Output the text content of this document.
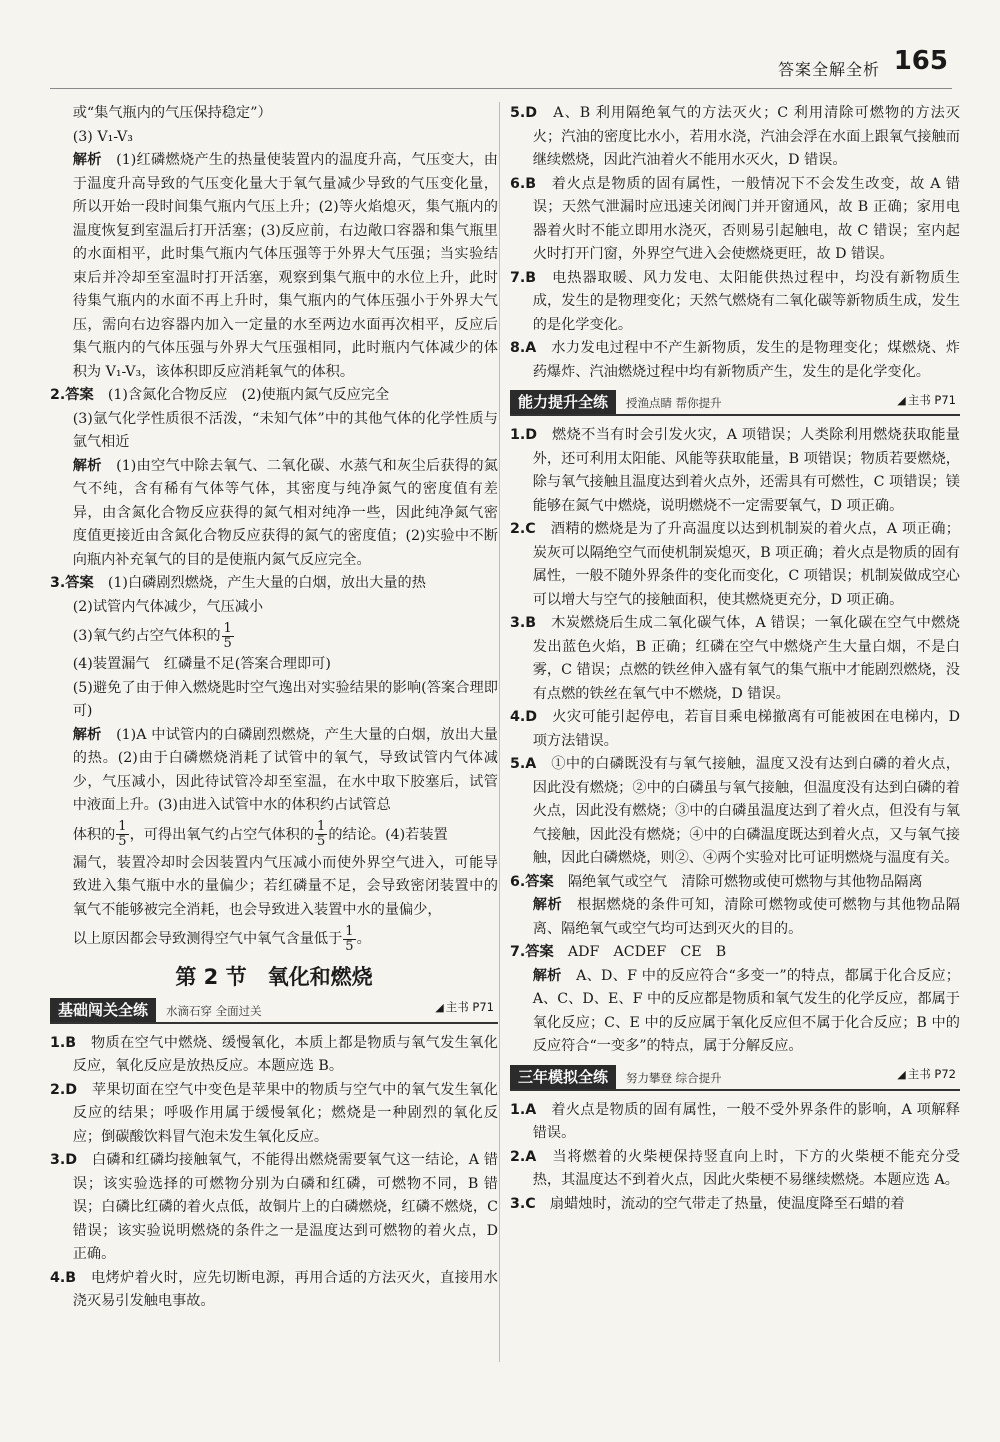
答案全解全析 165

或“集气瓶内的气压保持稳定”）

(3) V₁-V₃

解析　 (1)红磷燃烧产生的热量使装置内的温度升高，气压变大，由于温度升高导致的气压变化量大于氧气量减少导致的气压变化量，所以开始一段时间集气瓶内气压上升；(2)等火焰熄灭，集气瓶内的温度恢复到室温后打开活塞；(3)反应前，右边敞口容器和集气瓶里的水面相平，此时集气瓶内气体压强等于外界大气压强；当实验结束后并冷却至室温时打开活塞，观察到集气瓶中的水位上升，此时待集气瓶内的水面不再上升时，集气瓶内的气体压强小于外界大气压，需向右边容器内加入一定量的水至两边水面再次相平，反应后集气瓶内的气体压强与外界大气压强相同，此时瓶内气体减少的体积为 V₁-V₃，该体积即反应消耗氧气的体积。

2.答案　 (1)含氮化合物反应　(2)使瓶内氮气反应完全

(3)氩气化学性质很不活泼，“未知气体”中的其他气体的化学性质与氩气相近

解析　 (1)由空气中除去氧气、二氧化碳、水蒸气和灰尘后获得的氮气不纯，含有稀有气体等气体，其密度与纯净氮气的密度值有差异，由含氮化合物反应获得的氮气相对纯净一些，因此纯净氮气密度值更接近由含氮化合物反应获得的氮气的密度值；(2)实验中不断向瓶内补充氧气的目的是使瓶内氮气反应完全。

3.答案　 (1)白磷剧烈燃烧，产生大量的白烟，放出大量的热

(2)试管内气体减少，气压减小

(3)氧气约占空气体积的 $\frac{1}{5}$

(4)装置漏气　红磷量不足(答案合理即可)

(5)避免了由于伸入燃烧匙时空气逸出对实验结果的影响(答案合理即可)

解析　 (1)A 中试管内的白磷剧烈燃烧，产生大量的白烟，放出大量的热。(2)由于白磷燃烧消耗了试管中的氧气，导致试管内气体减少，气压减小，因此待试管冷却至室温，在水中取下胶塞后，试管中液面上升。(3)由进入试管中水的体积约占试管总

体积的 $\frac{1}{5}$ ，可得出氧气约占空气体积的 $\frac{1}{5}$ 的结论。(4)若装置

漏气，装置冷却时会因装置内气压减小而使外界空气进入，可能导致进入集气瓶中水的量偏少；若红磷量不足，会导致密闭装置中的氧气不能够被完全消耗，也会导致进入装置中水的量偏少，

以上原因都会导致测得空气中氧气含量低于 $\frac{1}{5}$ 。

第 2 节　氧化和燃烧
基础闯关全练	水滴石穿 全面过关	◢ 主书 P71

1.B　 物质在空气中燃烧、缓慢氧化，本质上都是物质与氧气发生氧化反应，氧化反应是放热反应。本题应选 B。

2.D　 苹果切面在空气中变色是苹果中的物质与空气中的氧气发生氧化反应的结果；呼吸作用属于缓慢氧化；燃烧是一种剧烈的氧化反应；倒碳酸饮料冒气泡未发生氧化反应。

3.D　 白磷和红磷均接触氧气，不能得出燃烧需要氧气这一结论，A 错误；该实验选择的可燃物分别为白磷和红磷，可燃物不同，B 错误；白磷比红磷的着火点低，故铜片上的白磷燃烧，红磷不燃烧，C 错误；该实验说明燃烧的条件之一是温度达到可燃物的着火点，D 正确。

4.B　 电烤炉着火时，应先切断电源，再用合适的方法灭火，直接用水浇灭易引发触电事故。

5.D　 A、B 利用隔绝氧气的方法灭火；C 利用清除可燃物的方法灭火；汽油的密度比水小，若用水浇，汽油会浮在水面上跟氧气接触而继续燃烧，因此汽油着火不能用水灭火，D 错误。

6.B　 着火点是物质的固有属性，一般情况下不会发生改变，故 A 错误；天然气泄漏时应迅速关闭阀门并开窗通风，故 B 正确；家用电器着火时不能立即用水浇灭，否则易引起触电，故 C 错误；室内起火时打开门窗，外界空气进入会使燃烧更旺，故 D 错误。

7.B　 电热器取暖、风力发电、太阳能供热过程中，均没有新物质生成，发生的是物理变化；天然气燃烧有二氧化碳等新物质生成，发生的是化学变化。

8.A　 水力发电过程中不产生新物质，发生的是物理变化；煤燃烧、炸药爆炸、汽油燃烧过程中均有新物质产生，发生的是化学变化。

能力提升全练	授渔点睛 帮你提升	◢ 主书 P71

1.D　 燃烧不当有时会引发火灾，A 项错误；人类除利用燃烧获取能量外，还可利用太阳能、风能等获取能量，B 项错误；物质若要燃烧，除与氧气接触且温度达到着火点外，还需具有可燃性，C 项错误；镁能够在氮气中燃烧，说明燃烧不一定需要氧气，D 项正确。

2.C　 酒精的燃烧是为了升高温度以达到机制炭的着火点，A 项正确；炭灰可以隔绝空气而使机制炭熄灭，B 项正确；着火点是物质的固有属性，一般不随外界条件的变化而变化，C 项错误；机制炭做成空心可以增大与空气的接触面积，使其燃烧更充分，D 项正确。

3.B　 木炭燃烧后生成二氧化碳气体，A 错误；一氧化碳在空气中燃烧发出蓝色火焰，B 正确；红磷在空气中燃烧产生大量白烟，不是白雾，C 错误；点燃的铁丝伸入盛有氧气的集气瓶中才能剧烈燃烧，没有点燃的铁丝在氧气中不燃烧，D 错误。

4.D　 火灾可能引起停电，若盲目乘电梯撤离有可能被困在电梯内，D 项方法错误。

5.A　 ①中的白磷既没有与氧气接触，温度又没有达到白磷的着火点，因此没有燃烧；②中的白磷虽与氧气接触，但温度没有达到白磷的着火点，因此没有燃烧；③中的白磷虽温度达到了着火点，但没有与氧气接触，因此没有燃烧；④中的白磷温度既达到着火点，又与氧气接触，因此白磷燃烧，则②、④两个实验对比可证明燃烧与温度有关。

6.答案　 隔绝氧气或空气　清除可燃物或使可燃物与其他物品隔离

解析　 根据燃烧的条件可知，清除可燃物或使可燃物与其他物品隔离、隔绝氧气或空气均可达到灭火的目的。

7.答案　 ADF　ACDEF　CE　B

解析　 A、D、F 中的反应符合“多变一”的特点，都属于化合反应；A、C、D、E、F 中的反应都是物质和氧气发生的化学反应，都属于氧化反应；C、E 中的反应属于氧化反应但不属于化合反应；B 中的反应符合“一变多”的特点，属于分解反应。

三年模拟全练	努力攀登 综合提升	◢ 主书 P72

1.A　 着火点是物质的固有属性，一般不受外界条件的影响，A 项解释错误。

2.A　 当将燃着的火柴梗保持竖直向上时，下方的火柴梗不能充分受热，其温度达不到着火点，因此火柴梗不易继续燃烧。本题应选 A。

3.C　 扇蜡烛时，流动的空气带走了热量，使温度降至石蜡的着
